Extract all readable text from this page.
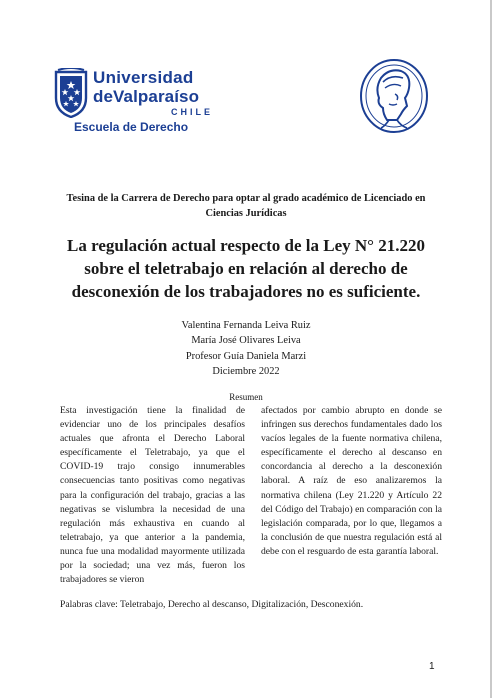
Universidad
deValparaíso
CHILE
Escuela de Derecho
Tesina de la Carrera de Derecho para optar al grado académico de Licenciado en Ciencias Jurídicas
La regulación actual respecto de la Ley N° 21.220 sobre el teletrabajo en relación al derecho de desconexión de los trabajadores no es suficiente.
Valentina Fernanda Leiva Ruiz
María José Olivares Leiva
Profesor Guía Daniela Marzi
Diciembre 2022
Resumen
Esta investigación tiene la finalidad de evidenciar uno de los principales desafíos actuales que afronta el Derecho Laboral específicamente el Teletrabajo, ya que el COVID-19 trajo consigo innumerables consecuencias tanto positivas como negativas para la configuración del trabajo, gracias a las negativas se vislumbra la necesidad de una regulación más exhaustiva en cuando al teletrabajo, ya que anterior a la pandemia, nunca fue una modalidad mayormente utilizada por la sociedad; una vez más, fueron los trabajadores se vieron
afectados por cambio abrupto en donde se infringen sus derechos fundamentales dado los vacíos legales de la fuente normativa chilena, específicamente el derecho al descanso en concordancia al derecho a la desconexión laboral. A raíz de eso analizaremos la normativa chilena (Ley 21.220 y Artículo 22 del Código del Trabajo) en comparación con la legislación comparada, por lo que, llegamos a la conclusión de que nuestra regulación está al debe con el resguardo de esta garantía laboral.
Palabras clave: Teletrabajo, Derecho al descanso, Digitalización, Desconexión.
1
